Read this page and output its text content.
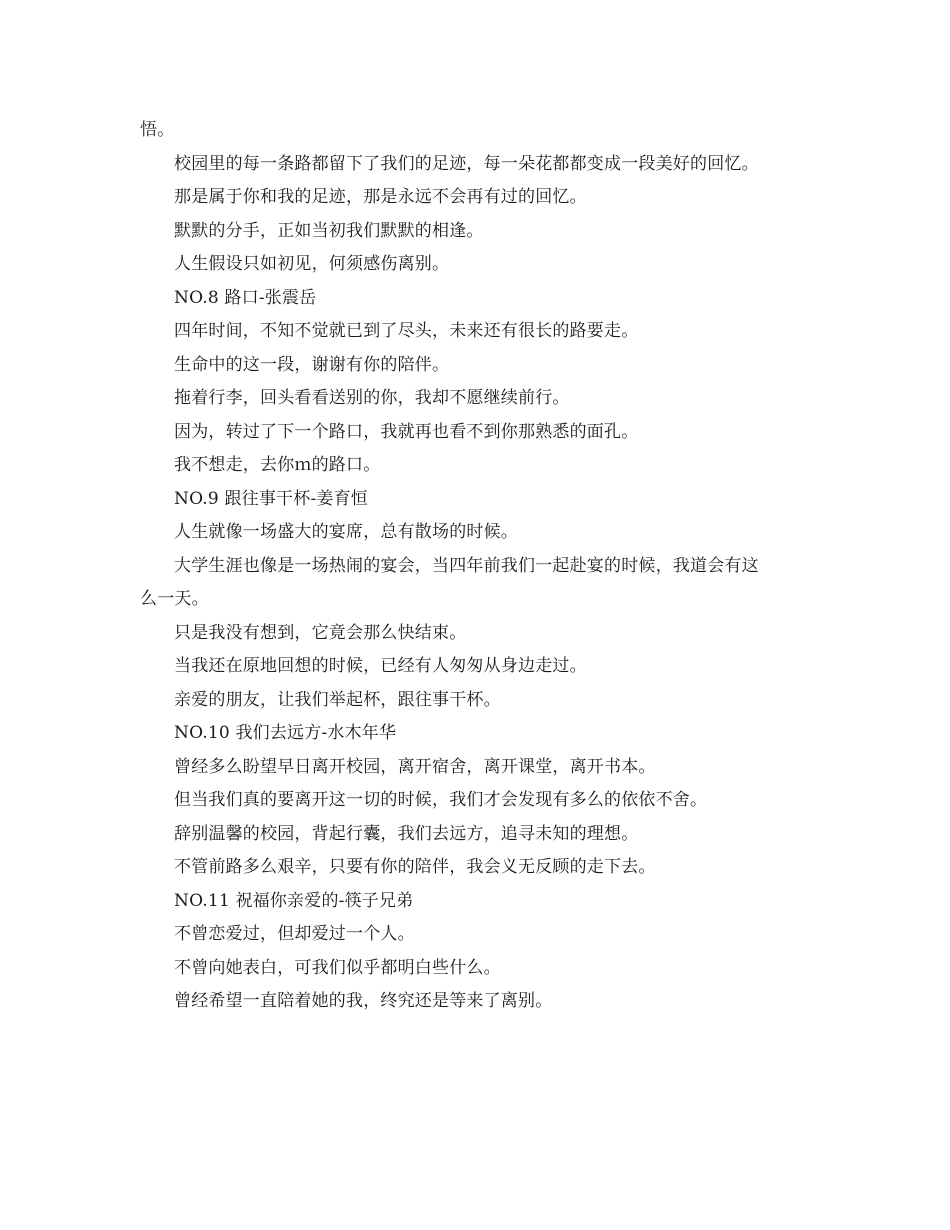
悟。
校园里的每一条路都留下了我们的足迹，每一朵花都都变成一段美好的回忆。
那是属于你和我的足迹，那是永远不会再有过的回忆。
默默的分手，正如当初我们默默的相逢。
人生假设只如初见，何须感伤离别。
NO.8 路口-张震岳
四年时间，不知不觉就已到了尽头，未来还有很长的路要走。
生命中的这一段，谢谢有你的陪伴。
拖着行李，回头看看送别的你，我却不愿继续前行。
因为，转过了下一个路口，我就再也看不到你那熟悉的面孔。
我不想走，去你ｍ的路口。
NO.9 跟往事干杯-姜育恒
人生就像一场盛大的宴席，总有散场的时候。
大学生涯也像是一场热闹的宴会，当四年前我们一起赴宴的时候，我道会有这
么一天。
只是我没有想到，它竟会那么快结束。
当我还在原地回想的时候，已经有人匆匆从身边走过。
亲爱的朋友，让我们举起杯，跟往事干杯。
NO.10 我们去远方-水木年华
曾经多么盼望早日离开校园，离开宿舍，离开课堂，离开书本。
但当我们真的要离开这一切的时候，我们才会发现有多么的依依不舍。
辞别温馨的校园，背起行囊，我们去远方，追寻未知的理想。
不管前路多么艰辛，只要有你的陪伴，我会义无反顾的走下去。
NO.11 祝福你亲爱的-筷子兄弟
不曾恋爱过，但却爱过一个人。
不曾向她表白，可我们似乎都明白些什么。
曾经希望一直陪着她的我，终究还是等来了离别。
